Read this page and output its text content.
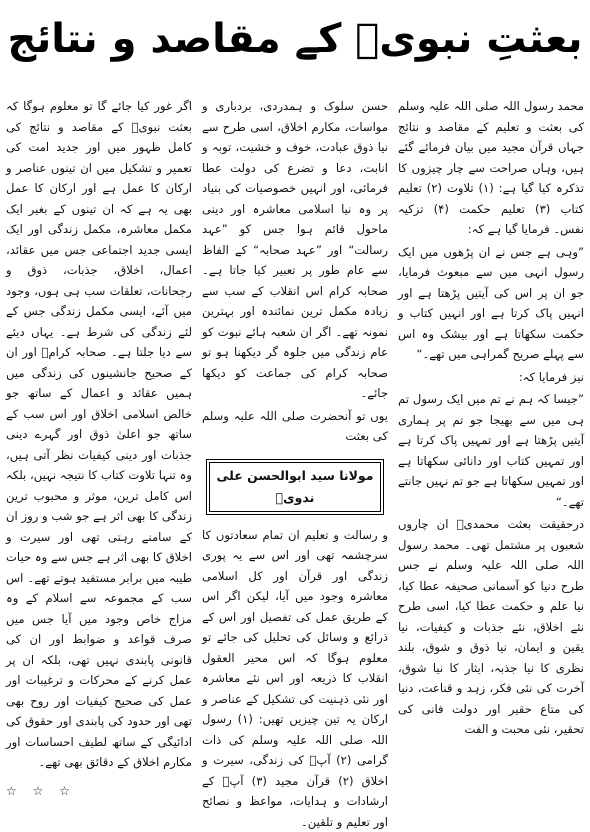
بعثتِ نبویؐ کے مقاصد و نتائج

محمد رسول اللہ صلی اللہ علیہ وسلم کی بعثت و تعلیم کے مقاصد و نتائج جہاں قرآن مجید میں بیان فرمائے گئے ہیں، وہاں صراحت سے چار چیزوں کا تذکرہ کیا گیا ہے: (۱) تلاوت (۲) تعلیم کتاب (۳) تعلیم حکمت (۴) تزکیہ نفس۔ فرمایا گیا ہے کہ:

”وہی ہے جس نے ان پڑھوں میں ایک رسول انہی میں سے مبعوث فرمایا، جو ان پر اس کی آیتیں پڑھتا ہے اور انہیں پاک کرتا ہے اور انہیں کتاب و حکمت سکھاتا ہے اور بیشک وہ اس سے پہلے صریح گمراہی میں تھے۔“

نیز فرمایا کہ:

”جیسا کہ ہم نے تم میں ایک رسول تم ہی میں سے بھیجا جو تم پر ہماری آیتیں پڑھتا ہے اور تمہیں پاک کرتا ہے اور تمہیں کتاب اور دانائی سکھاتا ہے اور تمہیں سکھاتا ہے جو تم نہیں جانتے تھے۔“

درحقیقت بعثت محمدیؐ ان چاروں شعبوں پر مشتمل تھی۔ محمد رسول اللہ صلی اللہ علیہ وسلم نے جس طرح دنیا کو آسمانی صحیفہ عطا کیا، نیا علم و حکمت عطا کیا، اسی طرح نئے اخلاق، نئے جذبات و کیفیات، نیا یقین و ایمان، نیا ذوق و شوق، بلند نظری کا نیا جذبہ، ایثار کا نیا شوق، آخرت کی نئی فکر، زہد و قناعت، دنیا کی متاع حقیر اور دولت فانی کی تحقیر، نئی محبت و الفت

حسن سلوک و ہمدردی، بردباری و مواسات، مکارم اخلاق، اسی طرح سے نیا ذوق عبادت، خوف و خشیت، توبہ و انابت، دعا و تضرع کی دولت عطا فرمائی، اور انہیں خصوصیات کی بنیاد پر وہ نیا اسلامی معاشرہ اور دینی ماحول قائم ہوا جس کو ”عہد رسالت“ اور ”عہد صحابہ“ کے الفاظ سے عام طور پر تعبیر کیا جاتا ہے۔ صحابہ کرام اس انقلاب کے سب سے زیادہ مکمل ترین نمائندہ اور بہترین نمونہ تھے۔ اگر ان شعبہ ہائے نبوت کو عام زندگی میں جلوہ گر دیکھنا ہو تو صحابہ کرام کی جماعت کو دیکھا جائے۔

یوں تو آنحضرت صلی اللہ علیہ وسلم کی بعثت

مولانا سید ابوالحسن علی ندویؒ

و رسالت و تعلیم ان تمام سعادتوں کا سرچشمہ تھی اور اس سے یہ پوری زندگی اور قرآن اور کل اسلامی معاشرہ وجود میں آیا، لیکن اگر اس کے طریق عمل کی تفصیل اور اس کے ذرائع و وسائل کی تحلیل کی جائے تو معلوم ہوگا کہ اس محیر العقول انقلاب کا ذریعہ اور اس نئے معاشرہ اور نئی ذہنیت کی تشکیل کے عناصر و ارکان یہ تین چیزیں تھیں: (۱) رسول اللہ صلی اللہ علیہ وسلم کی ذات گرامی (۲) آپؐ کی زندگی، سیرت و اخلاق (۲) قرآن مجید (۳) آپؐ کے ارشادات و ہدایات، مواعظ و نصائح اور تعلیم و تلقین۔

اگر غور کیا جائے گا تو معلوم ہوگا کہ بعثت نبویؐ کے مقاصد و نتائج کی کامل ظہور میں اور جدید امت کی تعمیر و تشکیل میں ان تینوں عناصر و ارکان کا عمل ہے اور ارکان کا عمل بھی یہ ہے کہ ان تینوں کے بغیر ایک مکمل معاشرہ، مکمل زندگی اور ایک ایسی جدید اجتماعی جس میں عقائد، اعمال، اخلاق، جذبات، ذوق و رجحانات، تعلقات سب ہی ہوں، وجود میں آئے، ایسی مکمل زندگی جس کے لئے زندگی کی شرط ہے۔ یہاں دیئے سے دیا جلتا ہے۔ صحابہ کرامؓ اور ان کے صحیح جانشینوں کی زندگی میں ہمیں عقائد و اعمال کے ساتھ جو خالص اسلامی اخلاق اور اس سب کے ساتھ جو اعلیٰ ذوق اور گہرے دینی جذبات اور دینی کیفیات نظر آتی ہیں، وہ تنہا تلاوت کتاب کا نتیجہ نہیں، بلکہ اس کامل ترین، موثر و محبوب ترین زندگی کا بھی اثر ہے جو شب و روز ان کے سامنے رہتی تھی اور سیرت و اخلاق کا بھی اثر ہے جس سے وہ حیات طیبہ میں برابر مستفید ہوتے تھے۔ اس سب کے مجموعہ سے اسلام کے وہ مزاج خاص وجود میں آیا جس میں صرف قواعد و ضوابط اور ان کی قانونی پابندی نہیں تھی، بلکہ ان پر عمل کرنے کے محرکات و ترغیبات اور عمل کی صحیح کیفیات اور روح بھی تھی اور حدود کی پابندی اور حقوق کی ادائیگی کے ساتھ لطیف احساسات اور مکارم اخلاق کے دقائق بھی تھے۔

☆ ☆ ☆
